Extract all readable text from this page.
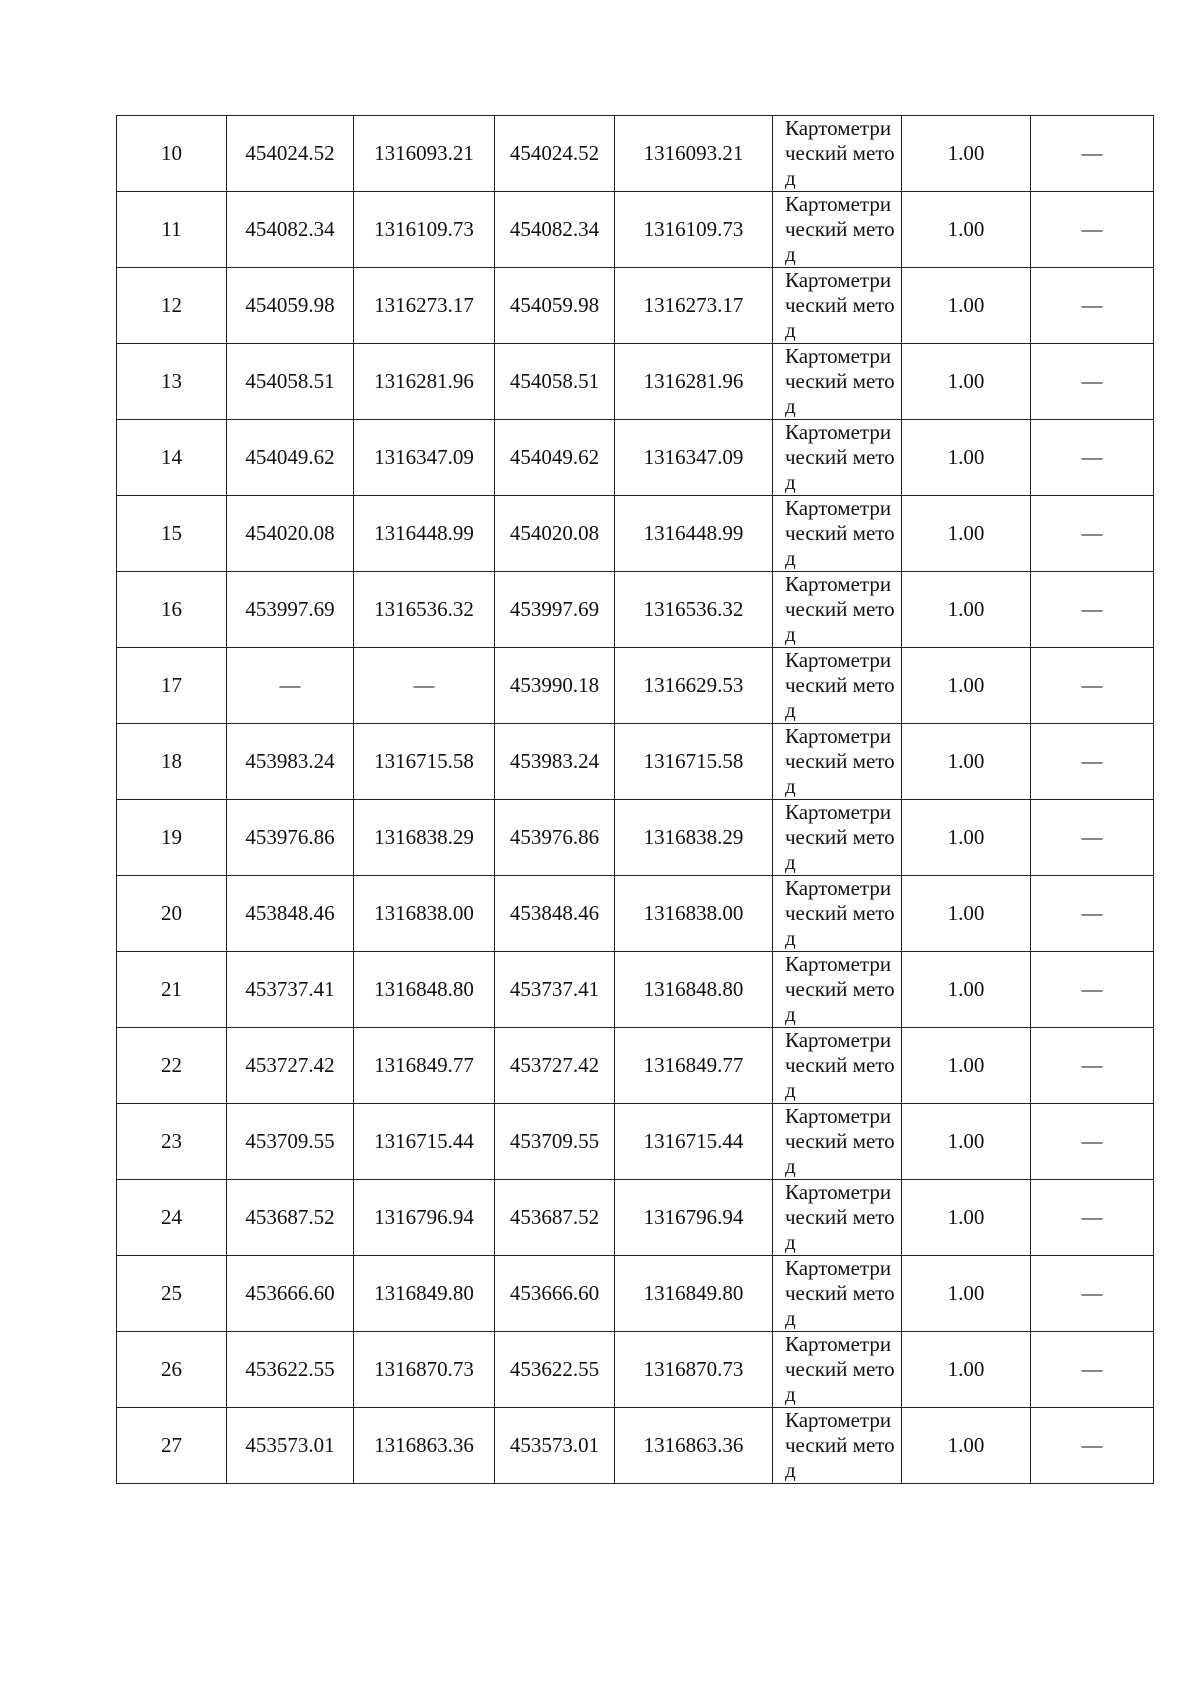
10	454024.52	1316093.21	454024.52	1316093.21	Картометрический метод	1.00	—
11	454082.34	1316109.73	454082.34	1316109.73	Картометрический метод	1.00	—
12	454059.98	1316273.17	454059.98	1316273.17	Картометрический метод	1.00	—
13	454058.51	1316281.96	454058.51	1316281.96	Картометрический метод	1.00	—
14	454049.62	1316347.09	454049.62	1316347.09	Картометрический метод	1.00	—
15	454020.08	1316448.99	454020.08	1316448.99	Картометрический метод	1.00	—
16	453997.69	1316536.32	453997.69	1316536.32	Картометрический метод	1.00	—
17	—	—	453990.18	1316629.53	Картометрический метод	1.00	—
18	453983.24	1316715.58	453983.24	1316715.58	Картометрический метод	1.00	—
19	453976.86	1316838.29	453976.86	1316838.29	Картометрический метод	1.00	—
20	453848.46	1316838.00	453848.46	1316838.00	Картометрический метод	1.00	—
21	453737.41	1316848.80	453737.41	1316848.80	Картометрический метод	1.00	—
22	453727.42	1316849.77	453727.42	1316849.77	Картометрический метод	1.00	—
23	453709.55	1316715.44	453709.55	1316715.44	Картометрический метод	1.00	—
24	453687.52	1316796.94	453687.52	1316796.94	Картометрический метод	1.00	—
25	453666.60	1316849.80	453666.60	1316849.80	Картометрический метод	1.00	—
26	453622.55	1316870.73	453622.55	1316870.73	Картометрический метод	1.00	—
27	453573.01	1316863.36	453573.01	1316863.36	Картометрический метод	1.00	—
